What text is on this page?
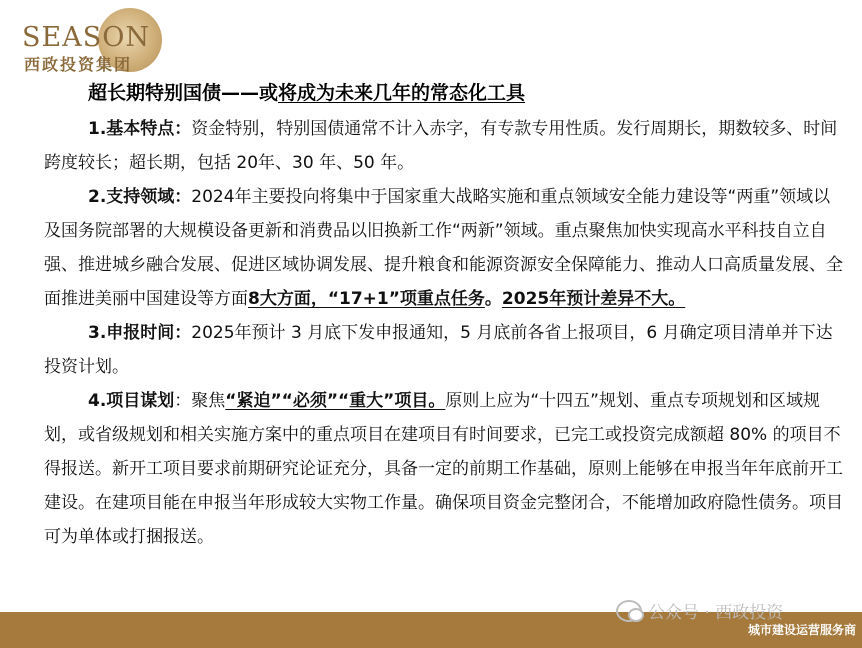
SEASON
西政投资集团
超长期特别国债——或将成为未来几年的常态化工具

1.基本特点：资金特别，特别国债通常不计入赤字，有专款专用性质。发行周期长，期数较多、时间跨度较长；超长期，包括 20年、30 年、50 年。

2.支持领域：2024年主要投向将集中于国家重大战略实施和重点领域安全能力建设等“两重”领域以及国务院部署的大规模设备更新和消费品以旧换新工作“两新”领域。重点聚焦加快实现高水平科技自立自强、推进城乡融合发展、促进区域协调发展、提升粮食和能源资源安全保障能力、推动人口高质量发展、全面推进美丽中国建设等方面8大方面，“17+1”项重点任务。2025年预计差异不大。

3.申报时间：2025年预计 3 月底下发申报通知，5 月底前各省上报项目，6 月确定项目清单并下达投资计划。

4.项目谋划：聚焦“紧迫”“必须”“重大”项目。原则上应为“十四五”规划、重点专项规划和区域规划，或省级规划和相关实施方案中的重点项目在建项目有时间要求，已完工或投资完成额超 80% 的项目不得报送。新开工项目要求前期研究论证充分，具备一定的前期工作基础，原则上能够在申报当年年底前开工建设。在建项目能在申报当年形成较大实物工作量。确保项目资金完整闭合，不能增加政府隐性债务。项目可为单体或打捆报送。

城市建设运营服务商
公众号 · 西政投资
